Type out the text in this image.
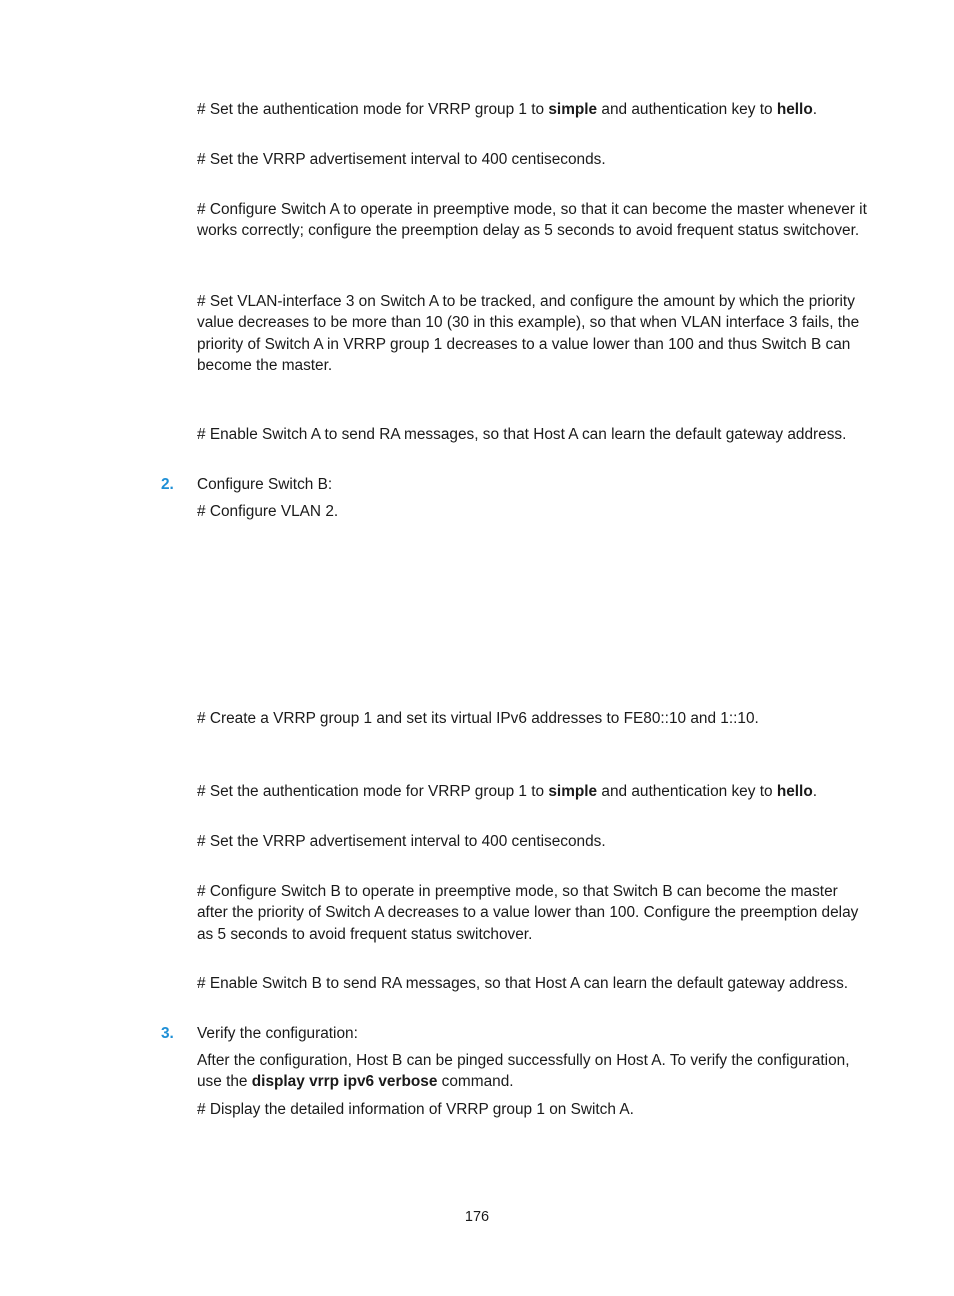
# Set the authentication mode for VRRP group 1 to simple and authentication key to hello.

# Set the VRRP advertisement interval to 400 centiseconds.

# Configure Switch A to operate in preemptive mode, so that it can become the master whenever it works correctly; configure the preemption delay as 5 seconds to avoid frequent status switchover.

# Set VLAN-interface 3 on Switch A to be tracked, and configure the amount by which the priority value decreases to be more than 10 (30 in this example), so that when VLAN interface 3 fails, the priority of Switch A in VRRP group 1 decreases to a value lower than 100 and thus Switch B can become the master.

# Enable Switch A to send RA messages, so that Host A can learn the default gateway address.

2. Configure Switch B:

# Configure VLAN 2.

# Create a VRRP group 1 and set its virtual IPv6 addresses to FE80::10 and 1::10.

# Set the authentication mode for VRRP group 1 to simple and authentication key to hello.

# Set the VRRP advertisement interval to 400 centiseconds.

# Configure Switch B to operate in preemptive mode, so that Switch B can become the master after the priority of Switch A decreases to a value lower than 100. Configure the preemption delay as 5 seconds to avoid frequent status switchover.

# Enable Switch B to send RA messages, so that Host A can learn the default gateway address.

3. Verify the configuration:

After the configuration, Host B can be pinged successfully on Host A. To verify the configuration, use the display vrrp ipv6 verbose command.

# Display the detailed information of VRRP group 1 on Switch A.

176
